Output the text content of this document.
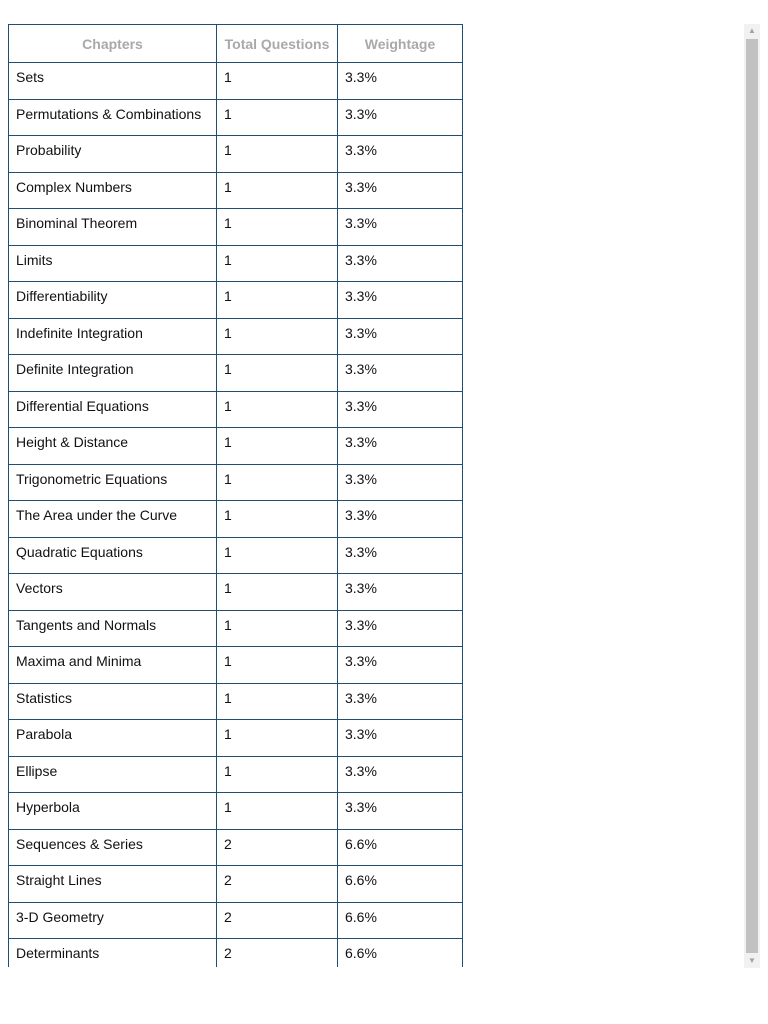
Chapters	Total Questions	Weightage
Sets	1	3.3%
Permutations & Combinations	1	3.3%
Probability	1	3.3%
Complex Numbers	1	3.3%
Binominal Theorem	1	3.3%
Limits	1	3.3%
Differentiability	1	3.3%
Indefinite Integration	1	3.3%
Definite Integration	1	3.3%
Differential Equations	1	3.3%
Height & Distance	1	3.3%
Trigonometric Equations	1	3.3%
The Area under the Curve	1	3.3%
Quadratic Equations	1	3.3%
Vectors	1	3.3%
Tangents and Normals	1	3.3%
Maxima and Minima	1	3.3%
Statistics	1	3.3%
Parabola	1	3.3%
Ellipse	1	3.3%
Hyperbola	1	3.3%
Sequences & Series	2	6.6%
Straight Lines	2	6.6%
3-D Geometry	2	6.6%
Determinants	2	6.6%
▲
▼
